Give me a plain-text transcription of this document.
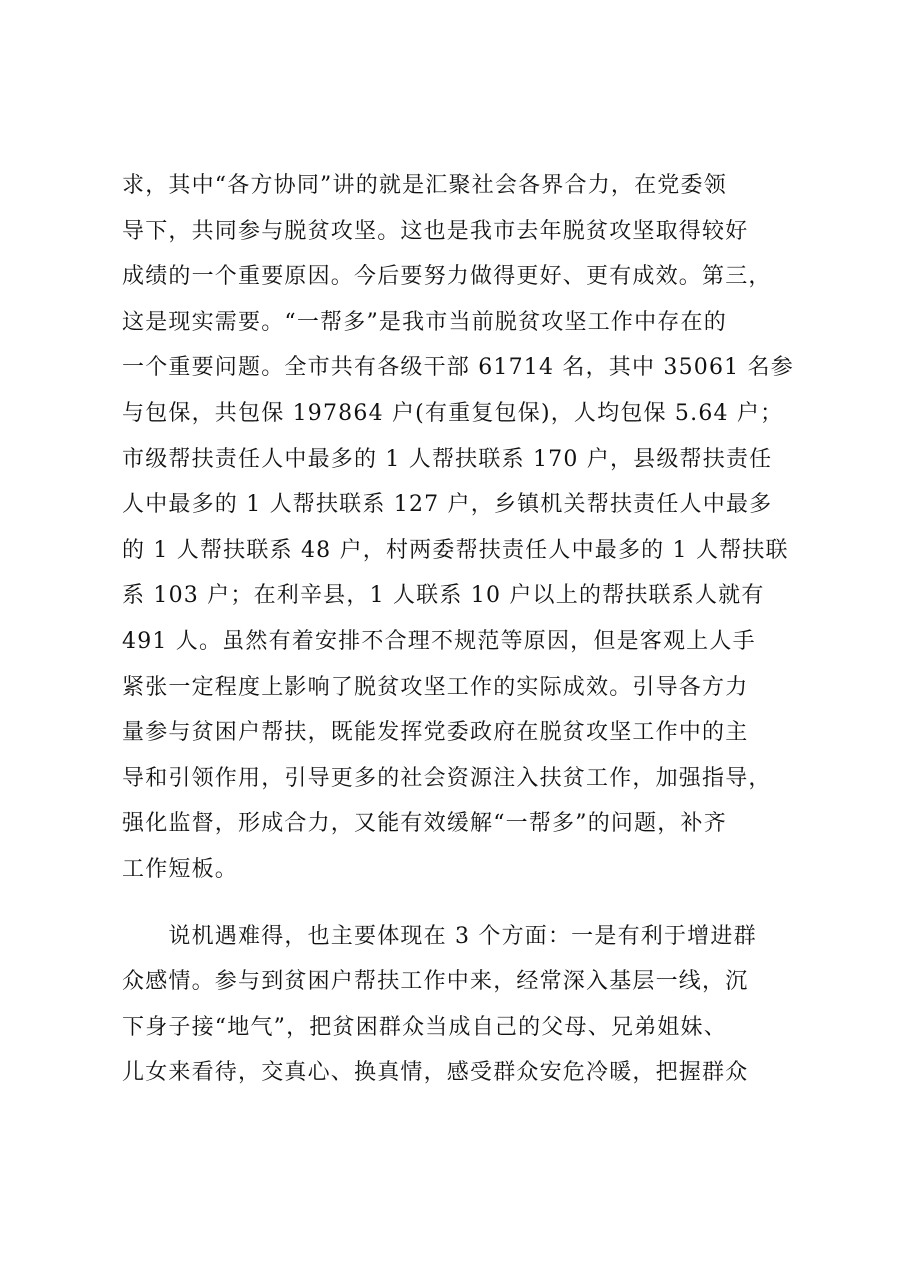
求，其中“各方协同”讲的就是汇聚社会各界合力，在党委领
导下，共同参与脱贫攻坚。这也是我市去年脱贫攻坚取得较好
成绩的一个重要原因。今后要努力做得更好、更有成效。第三，
这是现实需要。“一帮多”是我市当前脱贫攻坚工作中存在的
一个重要问题。全市共有各级干部 61714 名，其中 35061 名参
与包保，共包保 197864 户(有重复包保)，人均包保 5.64 户；
市级帮扶责任人中最多的 1 人帮扶联系 170 户，县级帮扶责任
人中最多的 1 人帮扶联系 127 户，乡镇机关帮扶责任人中最多
的 1 人帮扶联系 48 户，村两委帮扶责任人中最多的 1 人帮扶联
系 103 户；在利辛县，1 人联系 10 户以上的帮扶联系人就有
491 人。虽然有着安排不合理不规范等原因，但是客观上人手
紧张一定程度上影响了脱贫攻坚工作的实际成效。引导各方力
量参与贫困户帮扶，既能发挥党委政府在脱贫攻坚工作中的主
导和引领作用，引导更多的社会资源注入扶贫工作，加强指导，
强化监督，形成合力，又能有效缓解“一帮多”的问题，补齐
工作短板。
　　说机遇难得，也主要体现在 3 个方面：一是有利于增进群
众感情。参与到贫困户帮扶工作中来，经常深入基层一线，沉
下身子接“地气”，把贫困群众当成自己的父母、兄弟姐妹、
儿女来看待，交真心、换真情，感受群众安危冷暖，把握群众
